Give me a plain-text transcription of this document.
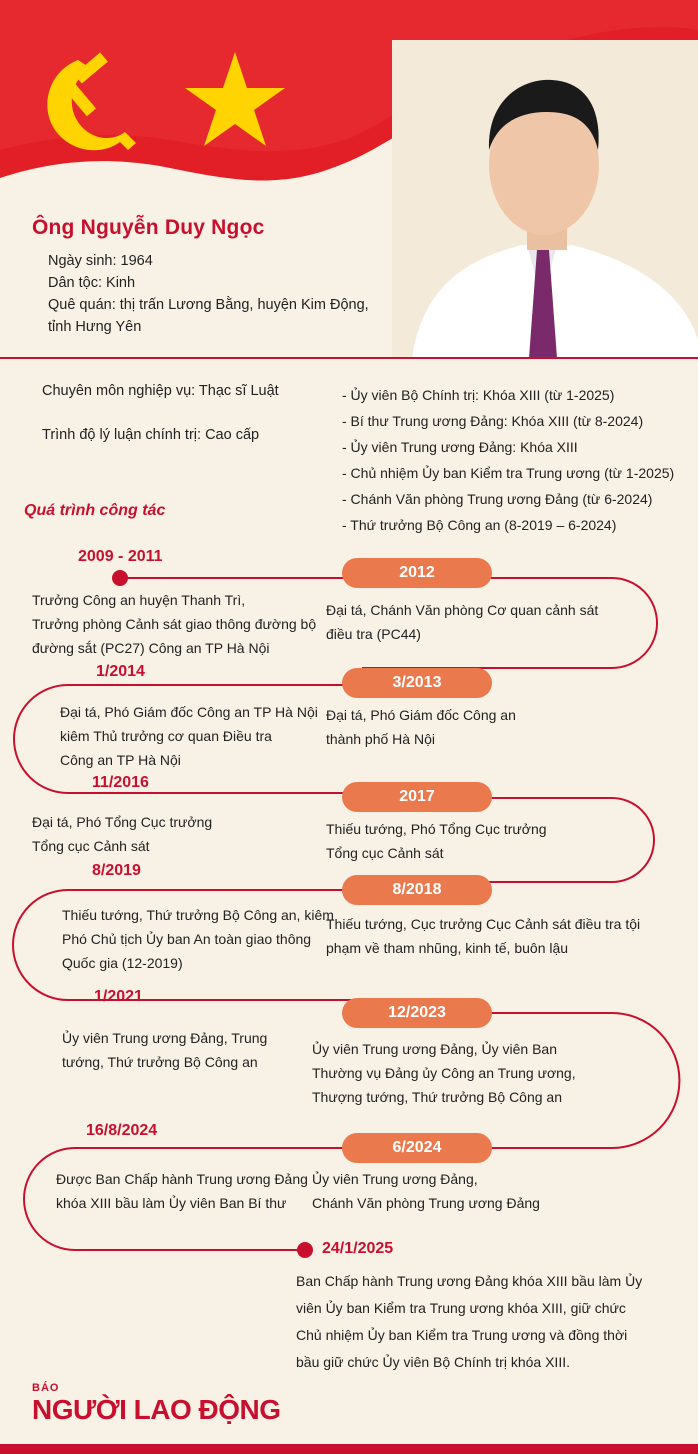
Ông Nguyễn Duy Ngọc
Ngày sinh: 1964
Dân tộc: Kinh
Quê quán: thị trấn Lương Bằng, huyện Kim Động,
tỉnh Hưng Yên
Chuyên môn nghiệp vụ: Thạc sĩ Luật
Trình độ lý luận chính trị: Cao cấp
- Ủy viên Bộ Chính trị: Khóa XIII (từ 1-2025)
- Bí thư Trung ương Đảng: Khóa XIII (từ 8-2024)
- Ủy viên Trung ương Đảng: Khóa XIII
- Chủ nhiệm Ủy ban Kiểm tra Trung ương (từ 1-2025)
- Chánh Văn phòng Trung ương Đảng (từ 6-2024)
- Thứ trưởng Bộ Công an (8-2019 – 6-2024)
Quá trình công tác
2009 - 2011
Trưởng Công an huyện Thanh Trì,
Trưởng phòng Cảnh sát giao thông đường bộ
đường sắt (PC27) Công an TP Hà Nội
2012
Đại tá, Chánh Văn phòng Cơ quan cảnh sát
điều tra (PC44)
1/2014
Đại tá, Phó Giám đốc Công an TP Hà Nội
kiêm Thủ trưởng cơ quan Điều tra
Công an TP Hà Nội
3/2013
Đại tá, Phó Giám đốc Công an
thành phố Hà Nội
11/2016
Đại tá, Phó Tổng Cục trưởng
Tổng cục Cảnh sát
2017
Thiếu tướng, Phó Tổng Cục trưởng
Tổng cục Cảnh sát
8/2019
Thiếu tướng, Thứ trưởng Bộ Công an, kiêm
Phó Chủ tịch Ủy ban An toàn giao thông
Quốc gia (12-2019)
8/2018
Thiếu tướng, Cục trưởng Cục Cảnh sát điều tra tội
phạm về tham nhũng, kinh tế, buôn lậu
1/2021
Ủy viên Trung ương Đảng, Trung
tướng, Thứ trưởng Bộ Công an
12/2023
Ủy viên Trung ương Đảng, Ủy viên Ban
Thường vụ Đảng ủy Công an Trung ương,
Thượng tướng, Thứ trưởng Bộ Công an
16/8/2024
Được Ban Chấp hành Trung ương Đảng
khóa XIII bầu làm Ủy viên Ban Bí thư
6/2024
Ủy viên Trung ương Đảng,
Chánh Văn phòng Trung ương Đảng
24/1/2025
Ban Chấp hành Trung ương Đảng khóa XIII bầu làm Ủy
viên Ủy ban Kiểm tra Trung ương khóa XIII, giữ chức
Chủ nhiệm Ủy ban Kiểm tra Trung ương và đồng thời
bầu giữ chức Ủy viên Bộ Chính trị khóa XIII.
BÁO
NGƯỜI LAO ĐỘNG
